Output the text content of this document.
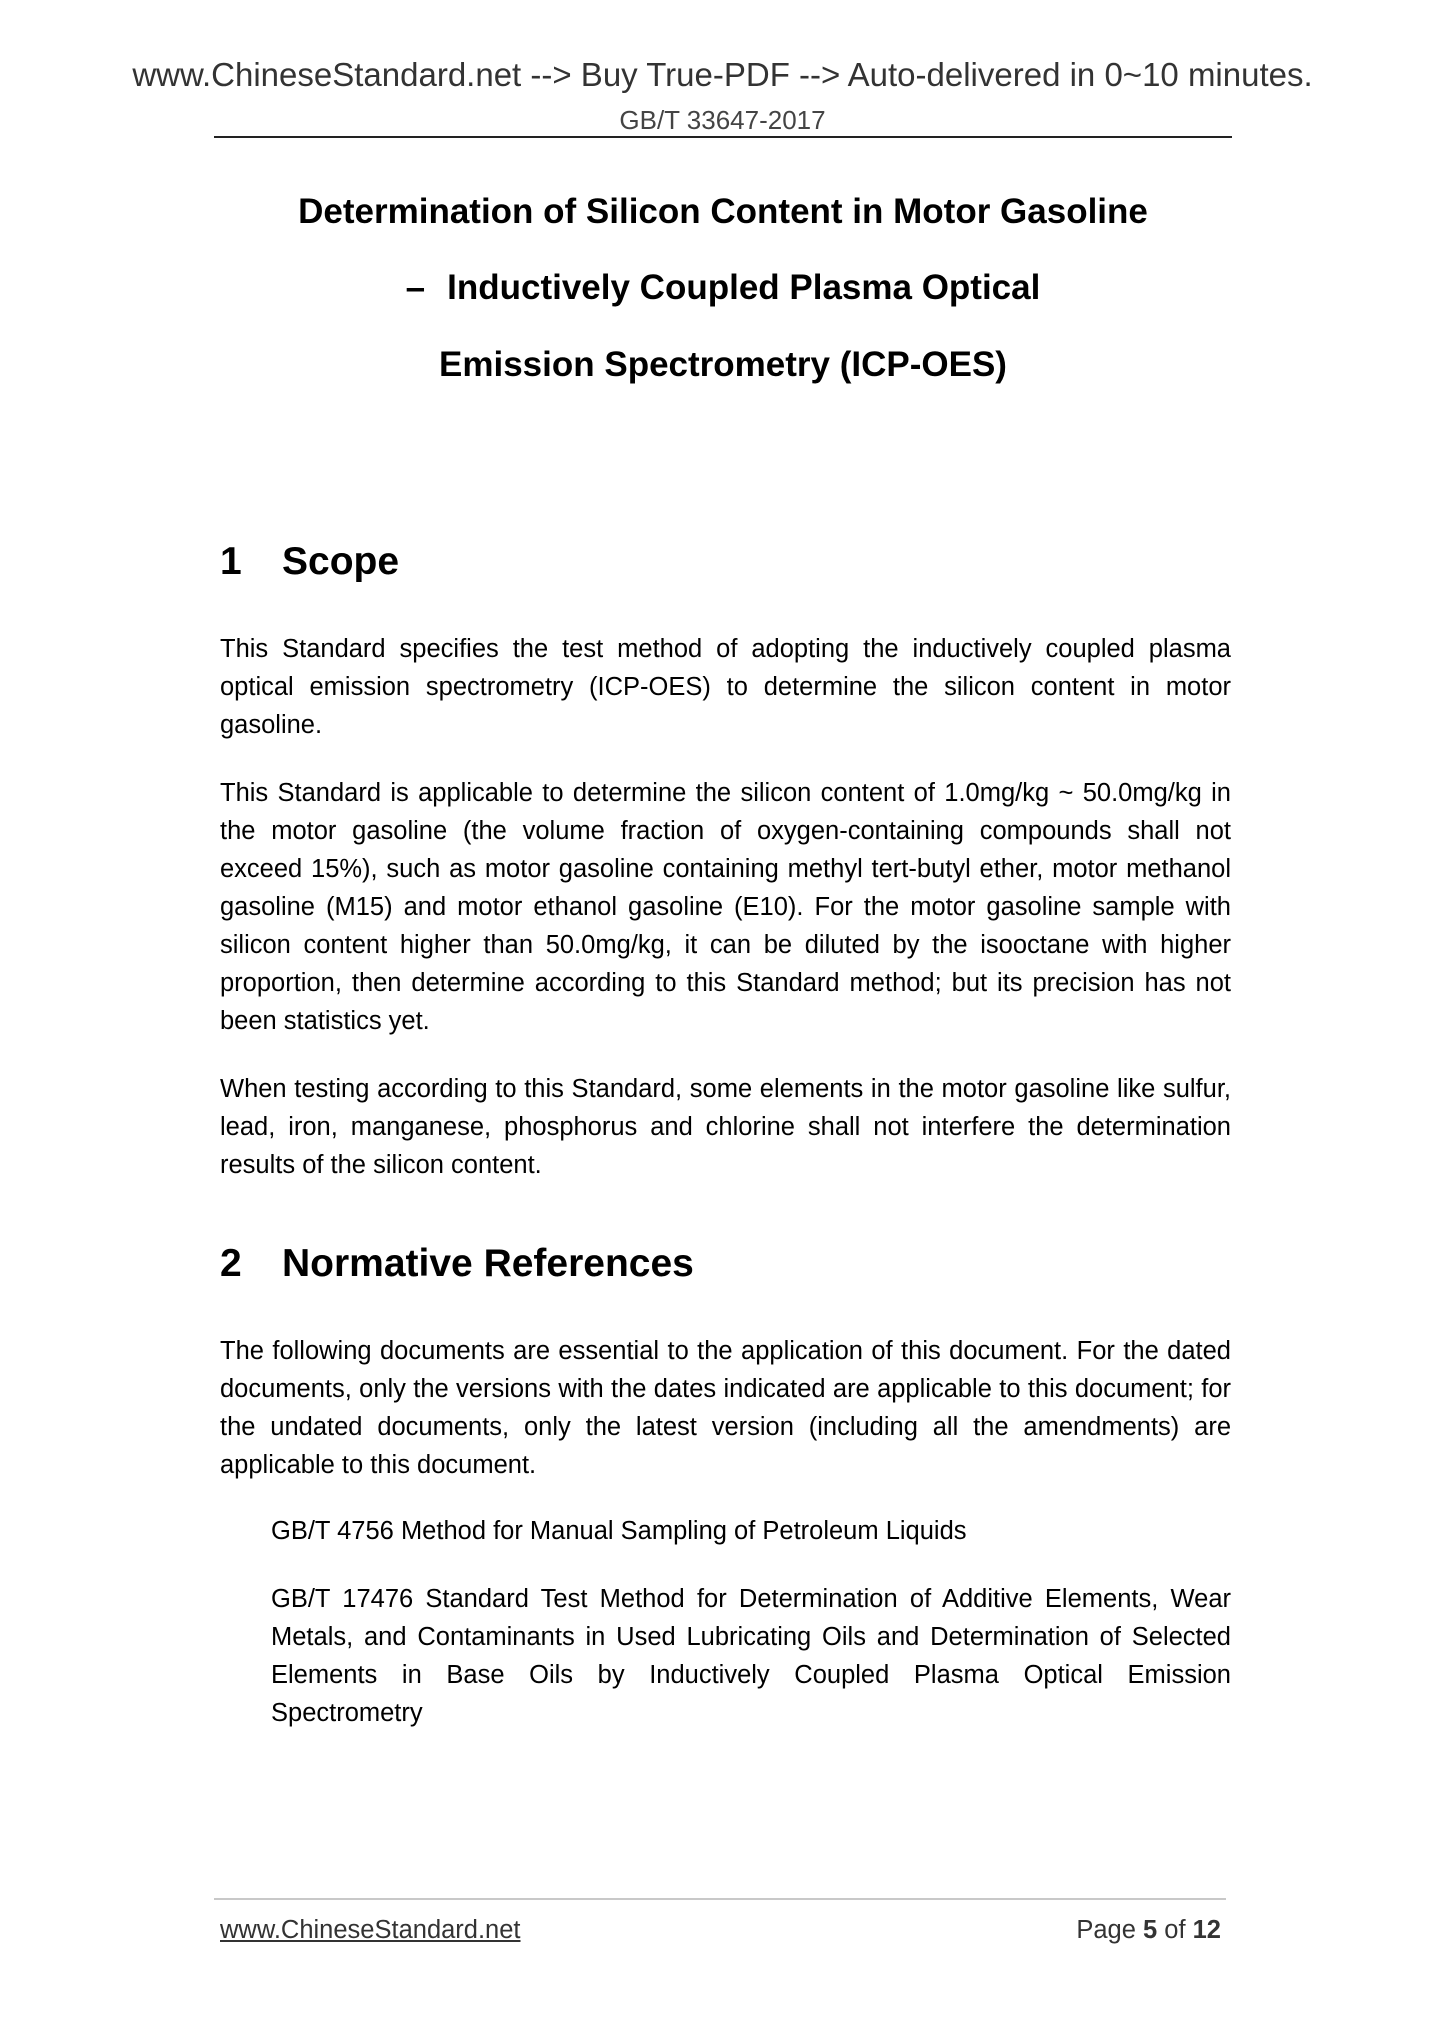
www.ChineseStandard.net --> Buy True-PDF --> Auto-delivered in 0~10 minutes.
GB/T 33647-2017
Determination of Silicon Content in Motor Gasoline
– Inductively Coupled Plasma Optical
Emission Spectrometry (ICP-OES)
1 Scope
This Standard specifies the test method of adopting the inductively coupled plasma optical emission spectrometry (ICP-OES) to determine the silicon content in motor gasoline.
This Standard is applicable to determine the silicon content of 1.0mg/kg ~ 50.0mg/kg in the motor gasoline (the volume fraction of oxygen-containing compounds shall not exceed 15%), such as motor gasoline containing methyl tert-butyl ether, motor methanol gasoline (M15) and motor ethanol gasoline (E10). For the motor gasoline sample with silicon content higher than 50.0mg/kg, it can be diluted by the isooctane with higher proportion, then determine according to this Standard method; but its precision has not been statistics yet.
When testing according to this Standard, some elements in the motor gasoline like sulfur, lead, iron, manganese, phosphorus and chlorine shall not interfere the determination results of the silicon content.
2 Normative References
The following documents are essential to the application of this document. For the dated documents, only the versions with the dates indicated are applicable to this document; for the undated documents, only the latest version (including all the amendments) are applicable to this document.
GB/T 4756 Method for Manual Sampling of Petroleum Liquids
GB/T 17476 Standard Test Method for Determination of Additive Elements, Wear Metals, and Contaminants in Used Lubricating Oils and Determination of Selected Elements in Base Oils by Inductively Coupled Plasma Optical Emission Spectrometry
www.ChineseStandard.net	Page 5 of 12
